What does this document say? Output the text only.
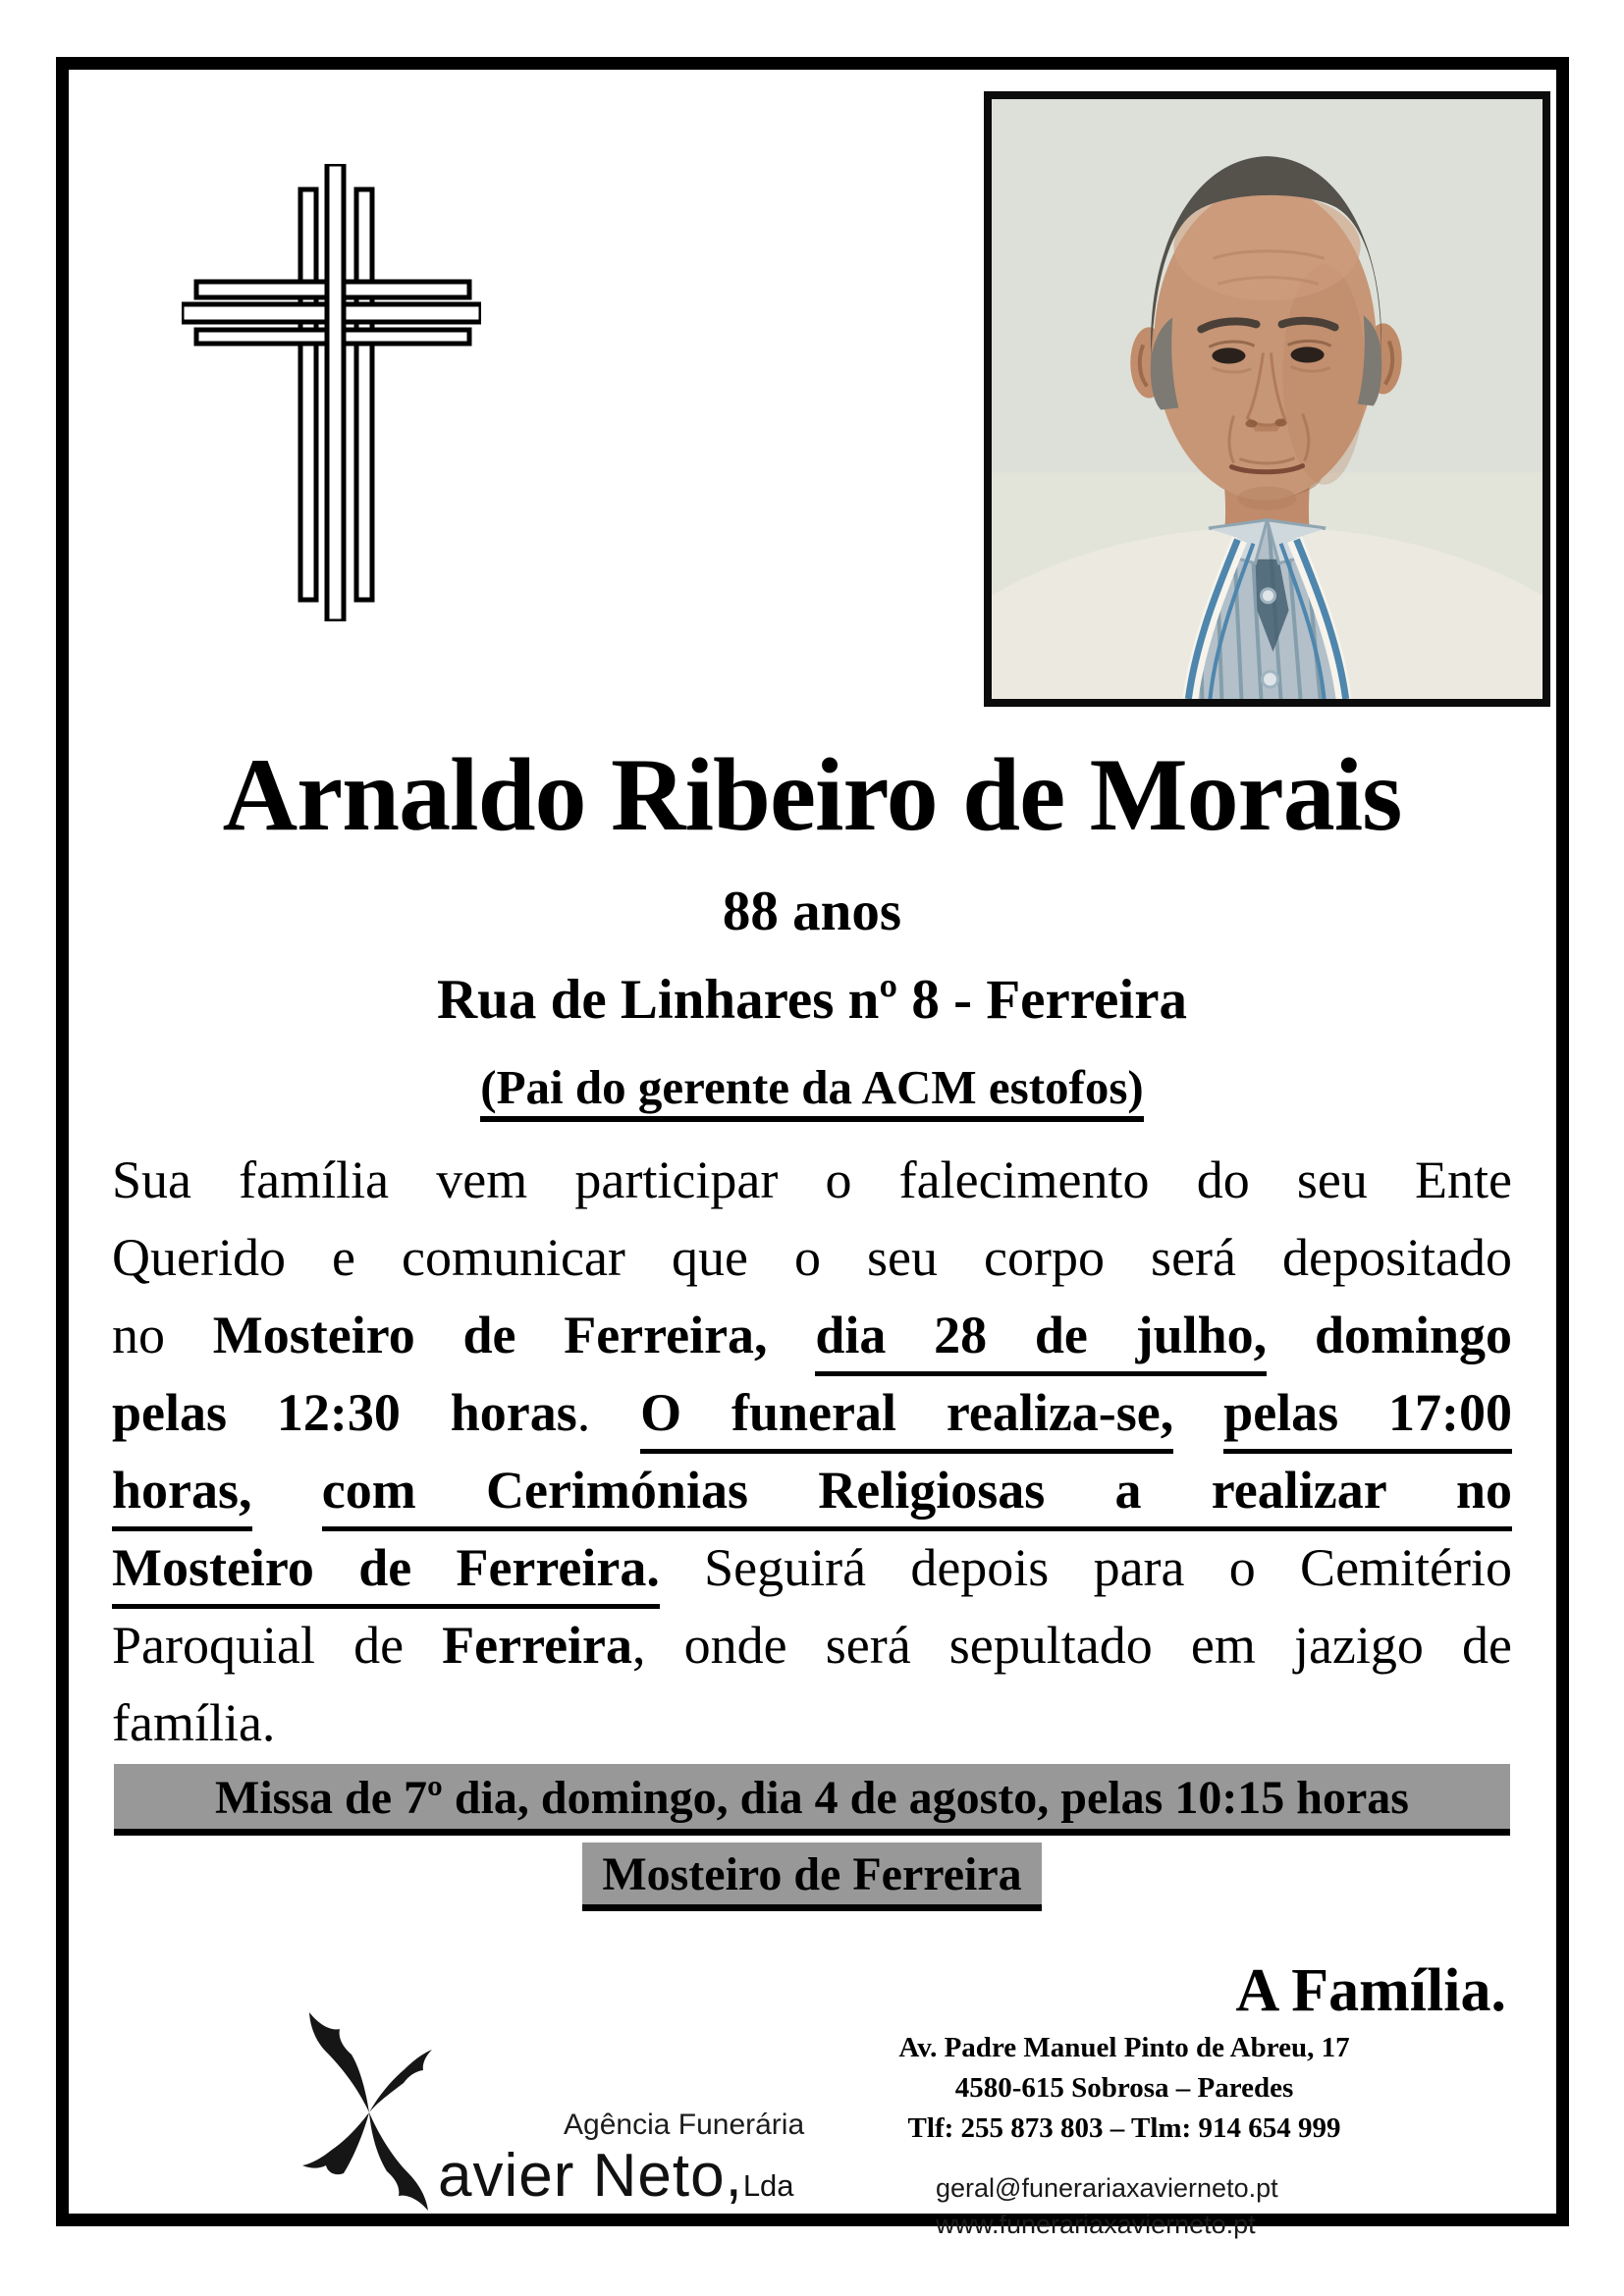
Arnaldo Ribeiro de Morais
88 anos
Rua de Linhares nº 8 - Ferreira
(Pai do gerente da ACM estofos)
Sua família vem participar o falecimento do seu Ente
Querido e comunicar que o seu corpo será depositado
no Mosteiro de Ferreira, dia 28 de julho, domingo
pelas 12:30 horas. O funeral realiza-se, pelas 17:00
horas, com Cerimónias Religiosas a realizar no
Mosteiro de Ferreira. Seguirá depois para o Cemitério
Paroquial de Ferreira, onde será sepultado em jazigo de
família.
Missa de 7º dia, domingo, dia 4 de agosto, pelas 10:15 horas
Mosteiro de Ferreira
A Família.
Agência Funerária
avier Neto,Lda
Av. Padre Manuel Pinto de Abreu, 17
4580-615 Sobrosa – Paredes
Tlf: 255 873 803 – Tlm: 914 654 999
geral@funerariaxavierneto.pt
www.funerariaxavierneto.pt
